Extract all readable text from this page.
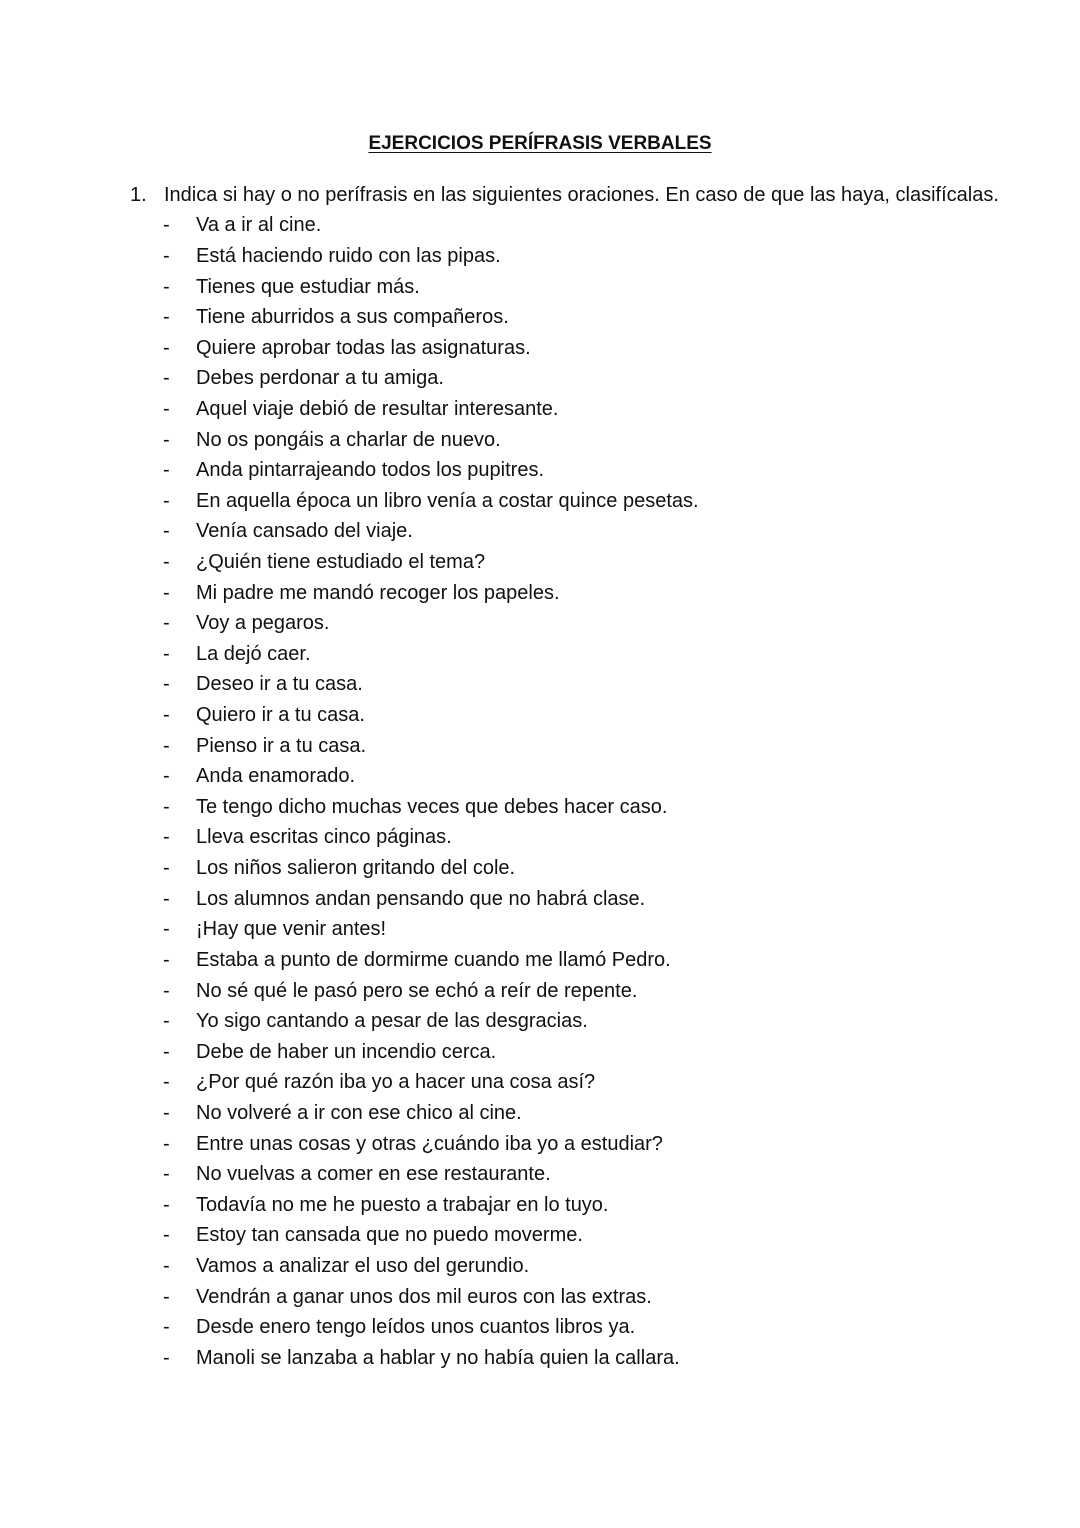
EJERCICIOS PERÍFRASIS VERBALES
1. Indica si hay o no perífrasis en las siguientes oraciones. En caso de que las haya, clasifícalas.
-	Va a ir al cine.
-	Está haciendo ruido con las pipas.
-	Tienes que estudiar más.
-	Tiene aburridos a sus compañeros.
-	Quiere aprobar todas las asignaturas.
-	Debes perdonar a tu amiga.
-	Aquel viaje debió de resultar interesante.
-	No os pongáis a charlar de nuevo.
-	Anda pintarrajeando todos los pupitres.
-	En aquella época un libro venía a costar quince pesetas.
-	Venía cansado del viaje.
-	¿Quién tiene estudiado el tema?
-	Mi padre me mandó recoger los papeles.
-	Voy a pegaros.
-	La dejó caer.
-	Deseo ir a tu casa.
-	Quiero ir a tu casa.
-	Pienso ir a tu casa.
-	Anda enamorado.
-	Te tengo dicho muchas veces que debes hacer caso.
-	Lleva escritas cinco páginas.
-	Los niños salieron gritando del cole.
-	Los alumnos andan pensando que no habrá clase.
-	¡Hay que venir antes!
-	Estaba a punto de dormirme cuando me llamó Pedro.
-	No sé qué le pasó pero se echó a reír de repente.
-	Yo sigo cantando a pesar de las desgracias.
-	Debe de haber un incendio cerca.
-	¿Por qué razón iba yo a hacer una cosa así?
-	No volveré a ir con ese chico al cine.
-	Entre unas cosas y otras ¿cuándo iba yo a estudiar?
-	No vuelvas a comer en ese restaurante.
-	Todavía no me he puesto a trabajar en lo tuyo.
-	Estoy tan cansada que no puedo moverme.
-	Vamos a analizar el uso del gerundio.
-	Vendrán a ganar unos dos mil euros con las extras.
-	Desde enero tengo leídos unos cuantos libros ya.
-	Manoli se lanzaba a hablar y no había quien la callara.
